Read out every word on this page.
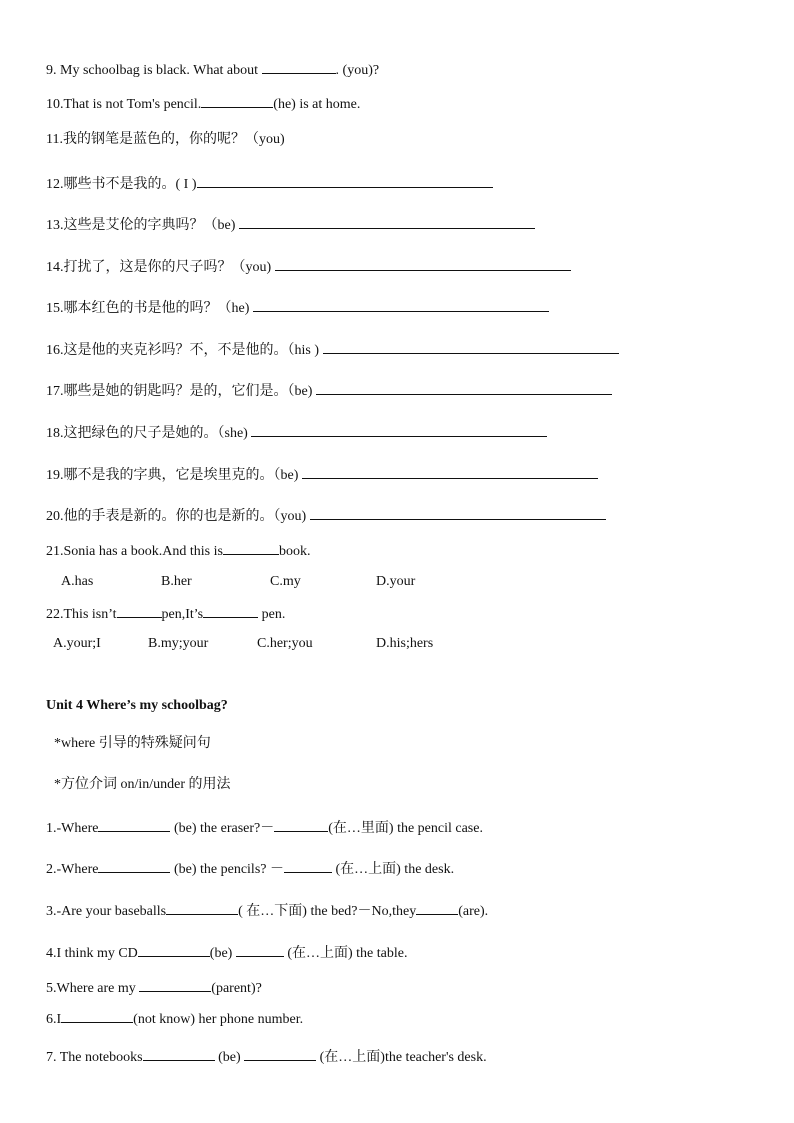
9. My schoolbag is black. What about	. (you)?
10.That is not Tom's pencil.	(he) is at home.
11.我的钢笔是蓝色的，你的呢？（you)
12.哪些书不是我的。( I )
13.这些是艾伦的字典吗？（be)
14.打扰了，这是你的尺子吗？（you)
15.哪本红色的书是他的吗？（he)
16.这是他的夹克衫吗？不，不是他的。（his )
17.哪些是她的钥匙吗？是的，它们是。（be)
18.这把绿色的尺子是她的。（she)
19.哪不是我的字典，它是埃里克的。（be)
20.他的手表是新的。你的也是新的。（you)
21.Sonia has a book.And this is	book.
A.has	B.her	C.my	D.your
22.This isn’t	pen,It’s	pen.
A.your;I	B.my;your	C.her;you	D.his;hers
Unit 4 Where’s my schoolbag?
*where 引导的特殊疑问句
*方位介词 on/in/under 的用法
1.-Where	(be) the eraser?－	(在…里面) the pencil case.
2.-Where	(be) the pencils? －	(在…上面) the desk.
3.-Are your baseballs	( 在…下面) the bed?－No,they	(are).
4.I think my CD	(be)	(在…上面) the table.
5.Where are my	(parent)?
6.I	(not know) her phone number.
7. The notebooks	(be)	(在…上面)the teacher's desk.
